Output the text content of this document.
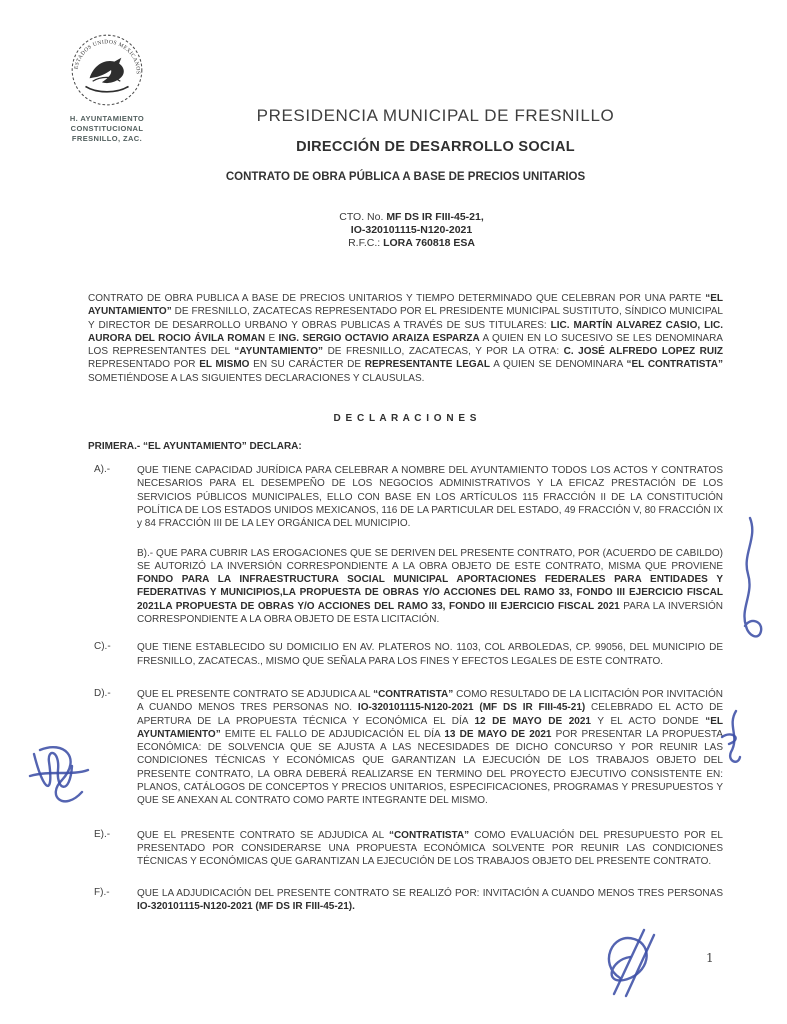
ESTADOS UNIDOS MEXICANOS
H. AYUNTAMIENTO
CONSTITUCIONAL
FRESNILLO, ZAC.
PRESIDENCIA MUNICIPAL DE FRESNILLO
DIRECCIÓN DE DESARROLLO SOCIAL
CONTRATO DE OBRA PÚBLICA A BASE DE PRECIOS UNITARIOS
CTO. No. MF DS IR FIII-45-21,
IO-320101115-N120-2021
R.F.C.: LORA 760818 ESA

CONTRATO DE OBRA PUBLICA A BASE DE PRECIOS UNITARIOS Y TIEMPO DETERMINADO QUE CELEBRAN POR UNA PARTE “EL AYUNTAMIENTO” DE FRESNILLO, ZACATECAS REPRESENTADO POR EL PRESIDENTE MUNICIPAL SUSTITUTO, SÍNDICO MUNICIPAL Y DIRECTOR DE DESARROLLO URBANO Y OBRAS PUBLICAS A TRAVÉS DE SUS TITULARES: LIC. MARTÍN ALVAREZ CASIO, LIC. AURORA DEL ROCIO ÁVILA ROMAN E ING. SERGIO OCTAVIO ARAIZA ESPARZA A QUIEN EN LO SUCESIVO SE LES DENOMINARA LOS REPRESENTANTES DEL “AYUNTAMIENTO” DE FRESNILLO, ZACATECAS, Y POR LA OTRA: C. JOSÉ ALFREDO LOPEZ RUIZ REPRESENTADO POR EL MISMO EN SU CARÁCTER DE REPRESENTANTE LEGAL A QUIEN SE DENOMINARA “EL CONTRATISTA” SOMETIÉNDOSE A LAS SIGUIENTES DECLARACIONES Y CLAUSULAS.

D E C L A R A C I O N E S
PRIMERA.- “EL AYUNTAMIENTO” DECLARA:
A).-	QUE TIENE CAPACIDAD JURÍDICA PARA CELEBRAR A NOMBRE DEL AYUNTAMIENTO TODOS LOS ACTOS Y CONTRATOS NECESARIOS PARA EL DESEMPEÑO DE LOS NEGOCIOS ADMINISTRATIVOS Y LA EFICAZ PRESTACIÓN DE LOS SERVICIOS PÚBLICOS MUNICIPALES, ELLO CON BASE EN LOS ARTÍCULOS 115 FRACCIÓN II DE LA CONSTITUCIÓN POLÍTICA DE LOS ESTADOS UNIDOS MEXICANOS, 116 DE LA PARTICULAR DEL ESTADO, 49 FRACCIÓN V, 80 FRACCIÓN IX y 84 FRACCIÓN III DE LA LEY ORGÁNICA DEL MUNICIPIO.
B).- QUE PARA CUBRIR LAS EROGACIONES QUE SE DERIVEN DEL PRESENTE CONTRATO, POR (ACUERDO DE CABILDO) SE AUTORIZÓ LA INVERSIÓN CORRESPONDIENTE A LA OBRA OBJETO DE ESTE CONTRATO, MISMA QUE PROVIENE FONDO PARA LA INFRAESTRUCTURA SOCIAL MUNICIPAL APORTACIONES FEDERALES PARA ENTIDADES Y FEDERATIVAS Y MUNICIPIOS,LA PROPUESTA DE OBRAS Y/O ACCIONES DEL RAMO 33, FONDO III EJERCICIO FISCAL 2021LA PROPUESTA DE OBRAS Y/O ACCIONES DEL RAMO 33, FONDO III EJERCICIO FISCAL 2021 PARA LA INVERSIÓN CORRESPONDIENTE A LA OBRA OBJETO DE ESTA LICITACIÓN.
C).-	QUE TIENE ESTABLECIDO SU DOMICILIO EN AV. PLATEROS NO. 1103, COL ARBOLEDAS, CP. 99056, DEL MUNICIPIO DE FRESNILLO, ZACATECAS., MISMO QUE SEÑALA PARA LOS FINES Y EFECTOS LEGALES DE ESTE CONTRATO.
D).-	QUE EL PRESENTE CONTRATO SE ADJUDICA AL “CONTRATISTA” COMO RESULTADO DE LA LICITACIÓN POR INVITACIÓN A CUANDO MENOS TRES PERSONAS NO. IO-320101115-N120-2021 (MF DS IR FIII-45-21) CELEBRADO EL ACTO DE APERTURA DE LA PROPUESTA TÉCNICA Y ECONÓMICA EL DÍA 12 DE MAYO DE 2021 Y EL ACTO DONDE “EL AYUNTAMIENTO” EMITE EL FALLO DE ADJUDICACIÓN EL DÍA 13 DE MAYO DE 2021 POR PRESENTAR LA PROPUESTA ECONÓMICA: DE SOLVENCIA QUE SE AJUSTA A LAS NECESIDADES DE DICHO CONCURSO Y POR REUNIR LAS CONDICIONES TÉCNICAS Y ECONÓMICAS QUE GARANTIZAN LA EJECUCIÓN DE LOS TRABAJOS OBJETO DEL PRESENTE CONTRATO, LA OBRA DEBERÁ REALIZARSE EN TERMINO DEL PROYECTO EJECUTIVO CONSISTENTE EN: PLANOS, CATÁLOGOS DE CONCEPTOS Y PRECIOS UNITARIOS, ESPECIFICACIONES, PROGRAMAS Y PRESUPUESTOS Y QUE SE ANEXAN AL CONTRATO COMO PARTE INTEGRANTE DEL MISMO.
E).-	QUE EL PRESENTE CONTRATO SE ADJUDICA AL “CONTRATISTA” COMO EVALUACIÓN DEL PRESUPUESTO POR EL PRESENTADO POR CONSIDERARSE UNA PROPUESTA ECONÓMICA SOLVENTE POR REUNIR LAS CONDICIONES TÉCNICAS Y ECONÓMICAS QUE GARANTIZAN LA EJECUCIÓN DE LOS TRABAJOS OBJETO DEL PRESENTE CONTRATO.
F).-	QUE LA ADJUDICACIÓN DEL PRESENTE CONTRATO SE REALIZÓ POR: INVITACIÓN A CUANDO MENOS TRES PERSONAS IO-320101115-N120-2021 (MF DS IR FIII-45-21).
1
